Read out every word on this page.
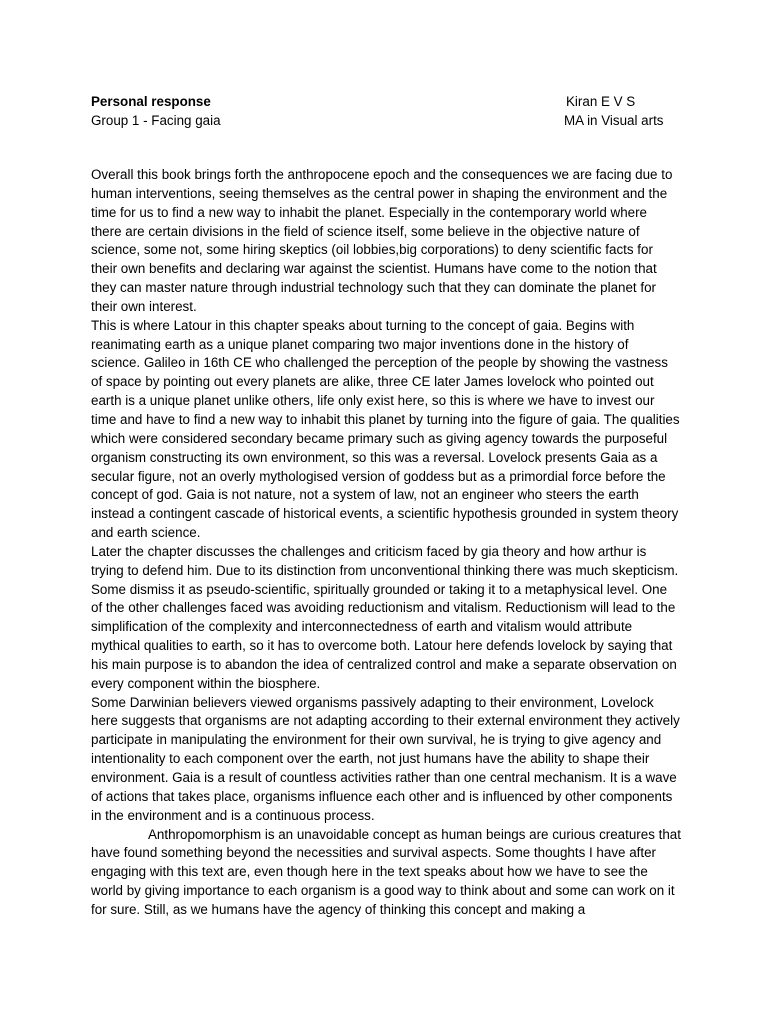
Personal response	Kiran E V S
Group 1 - Facing gaia	MA in Visual arts

Overall this book brings forth the anthropocene epoch and the consequences we are facing due to human interventions, seeing themselves as the central power in shaping the environment and the time for us to find a new way to inhabit the planet. Especially in the contemporary world where there are certain divisions in the field of science itself, some believe in the objective nature of science, some not, some hiring skeptics (oil lobbies,big corporations) to deny scientific facts for their own benefits and declaring war against the scientist. Humans have come to the notion that they can master nature through industrial technology such that they can dominate the planet for their own interest.

This is where Latour in this chapter speaks about turning to the concept of gaia. Begins with reanimating earth as a unique planet comparing two major inventions done in the history of science. Galileo in 16th CE who challenged the perception of the people by showing the vastness of space by pointing out every planets are alike, three CE later James lovelock who pointed out earth is a unique planet unlike others, life only exist here, so this is where we have to invest our time and have to find a new way to inhabit this planet by turning into the figure of gaia. The qualities which were considered secondary became primary such as giving agency towards the purposeful organism constructing its own environment, so this was a reversal. Lovelock presents Gaia as a secular figure, not an overly mythologised version of goddess but as a primordial force before the concept of god. Gaia is not nature, not a system of law, not an engineer who steers the earth instead a contingent cascade of historical events, a scientific hypothesis grounded in system theory and earth science.

Later the chapter discusses the challenges and criticism faced by gia theory and how arthur is trying to defend him. Due to its distinction from unconventional thinking there was much skepticism. Some dismiss it as pseudo-scientific, spiritually grounded or taking it to a metaphysical level. One of the other challenges faced was avoiding reductionism and vitalism. Reductionism will lead to the simplification of the complexity and interconnectedness of earth and vitalism would attribute mythical qualities to earth, so it has to overcome both. Latour here defends lovelock by saying that his main purpose is to abandon the idea of centralized control and make a separate observation on every component within the biosphere.

Some Darwinian believers viewed organisms passively adapting to their environment, Lovelock here suggests that organisms are not adapting according to their external environment they actively participate in manipulating the environment for their own survival, he is trying to give agency and intentionality to each component over the earth, not just humans have the ability to shape their environment. Gaia is a result of countless activities rather than one central mechanism. It is a wave of actions that takes place, organisms influence each other and is influenced by other components in the environment and is a continuous process.

Anthropomorphism is an unavoidable concept as human beings are curious creatures that have found something beyond the necessities and survival aspects. Some thoughts I have after engaging with this text are, even though here in the text speaks about how we have to see the world by giving importance to each organism is a good way to think about and some can work on it for sure. Still, as we humans have the agency of thinking this concept and making a
